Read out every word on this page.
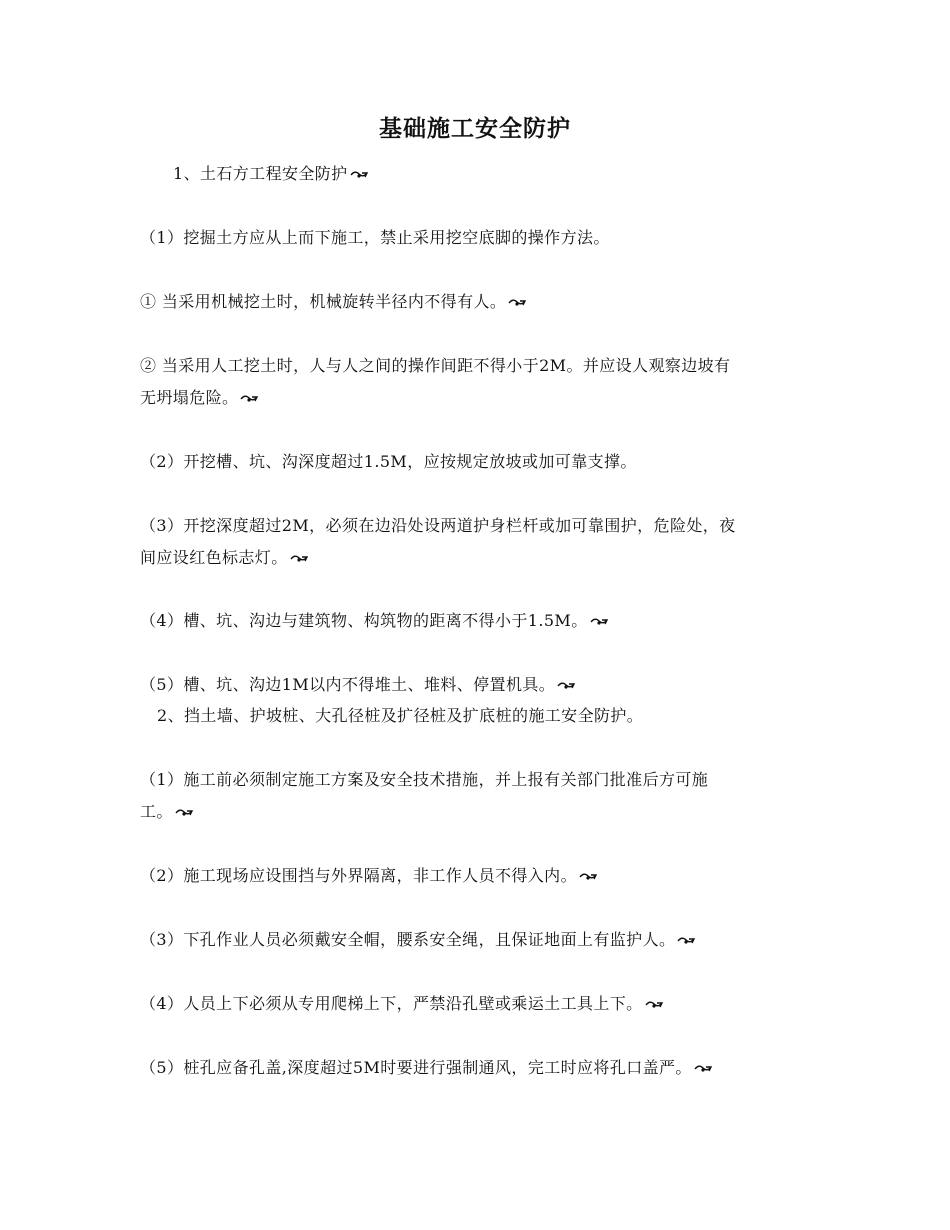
基础施工安全防护
1、土石方工程安全防护
（1）挖掘土方应从上而下施工，禁止采用挖空底脚的操作方法。
① 当采用机械挖土时，机械旋转半径内不得有人。
② 当采用人工挖土时，人与人之间的操作间距不得小于2M。并应设人观察边坡有
无坍塌危险。
（2）开挖槽、坑、沟深度超过1.5M，应按规定放坡或加可靠支撑。
（3）开挖深度超过2M，必须在边沿处设两道护身栏杆或加可靠围护，危险处，夜
间应设红色标志灯。
（4）槽、坑、沟边与建筑物、构筑物的距离不得小于1.5M。
（5）槽、坑、沟边1M以内不得堆土、堆料、停置机具。
2、挡土墙、护坡桩、大孔径桩及扩径桩及扩底桩的施工安全防护。
（1）施工前必须制定施工方案及安全技术措施，并上报有关部门批准后方可施
工。
（2）施工现场应设围挡与外界隔离，非工作人员不得入内。
（3）下孔作业人员必须戴安全帽，腰系安全绳，且保证地面上有监护人。
（4）人员上下必须从专用爬梯上下，严禁沿孔壁或乘运土工具上下。
（5）桩孔应备孔盖,深度超过5M时要进行强制通风，完工时应将孔口盖严。
